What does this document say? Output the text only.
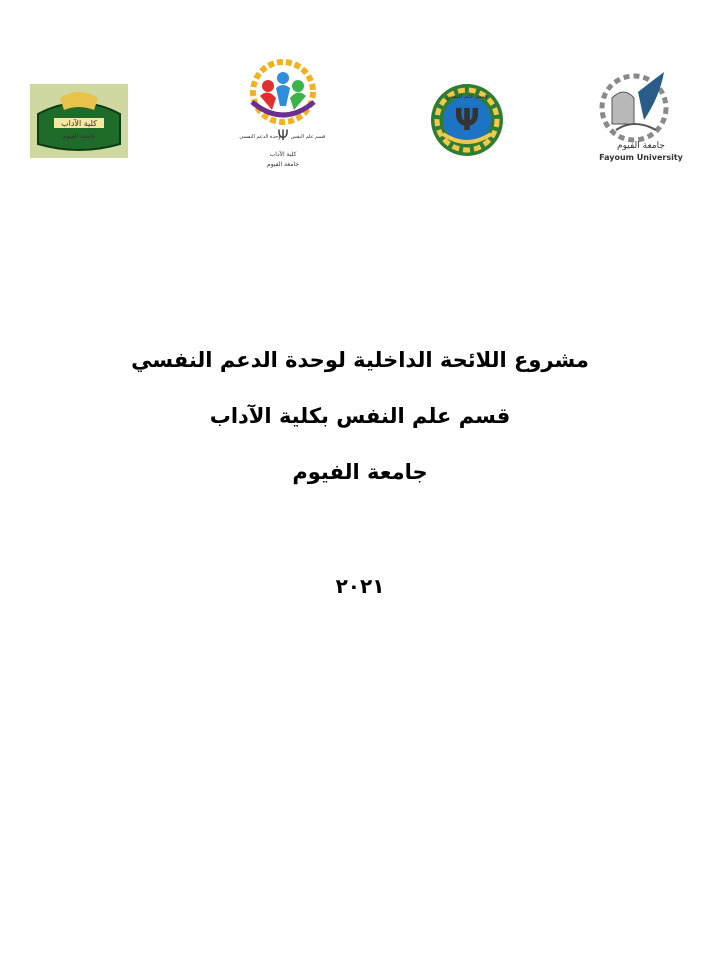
كلية الآداب
جامعة الفيوم	Ψ
وحدة الدعم النفسي قسم علم النفس
كلية الآداب
جامعة الفيوم
Ψ
قسم علم النفس
جامعة الفيوم
Fayoum University

مشروع اللائحة الداخلية لوحدة الدعم النفسي

قسم علم النفس بكلية الآداب

جامعة الفيوم

٢٠٢١
